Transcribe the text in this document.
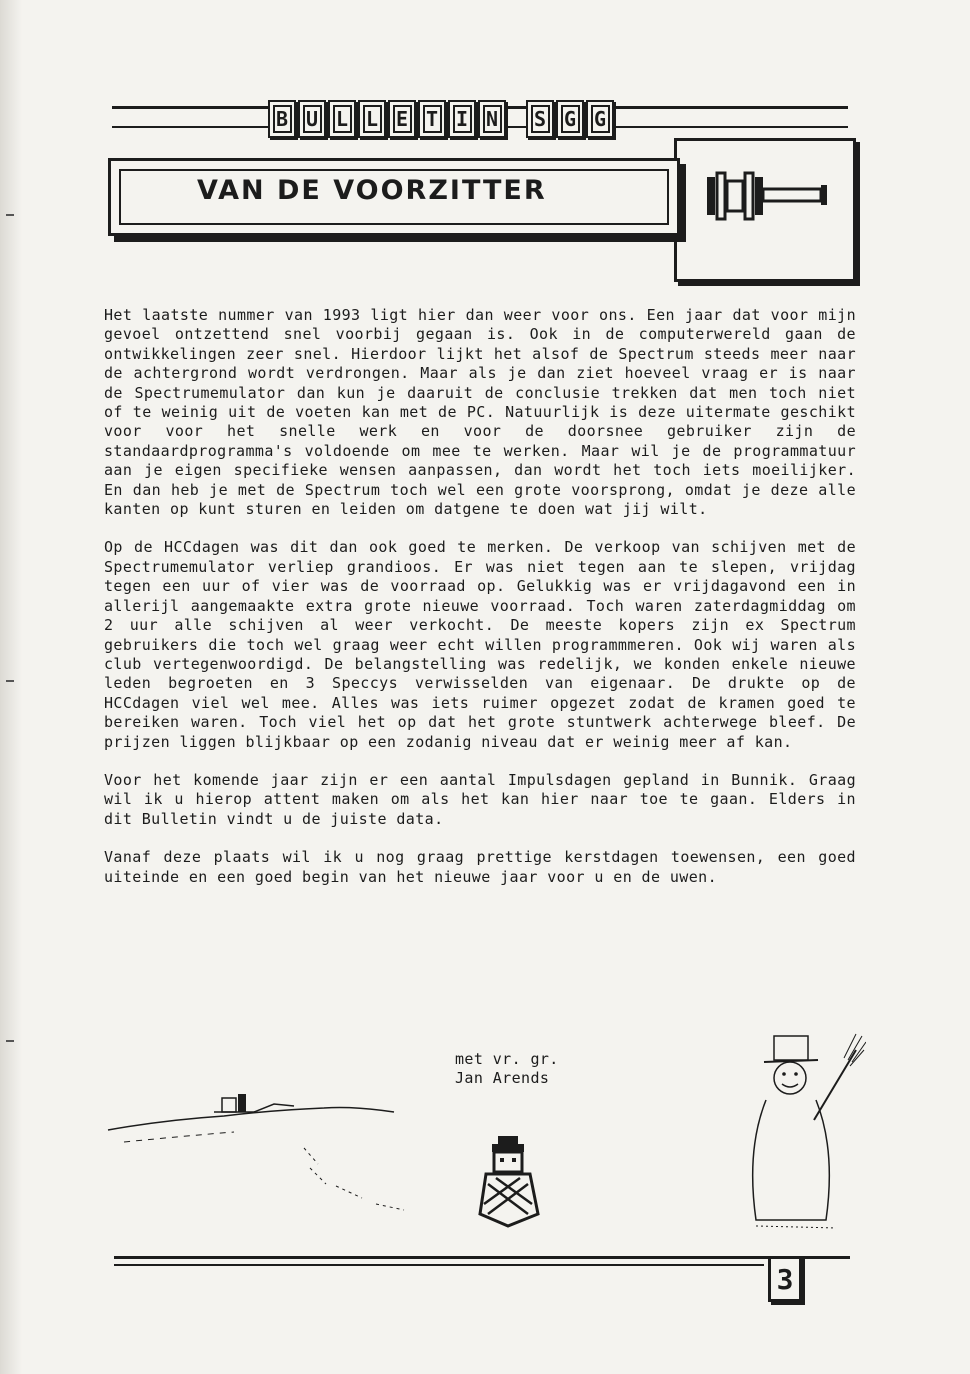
B U L L E T I N S G G
VAN DE VOORZITTER

Het laatste nummer van 1993 ligt hier dan weer voor ons. Een jaar dat voor mijn gevoel ontzettend snel voorbij gegaan is. Ook in de computerwereld gaan de ontwikkelingen zeer snel. Hierdoor lijkt het alsof de Spectrum steeds meer naar de achtergrond wordt verdrongen. Maar als je dan ziet hoeveel vraag er is naar de Spectrumemulator dan kun je daaruit de conclusie trekken dat men toch niet of te weinig uit de voeten kan met de PC. Natuurlijk is deze uitermate geschikt voor voor het snelle werk en voor de doorsnee gebruiker zijn de standaardprogramma's voldoende om mee te werken. Maar wil je de programmatuur aan je eigen specifieke wensen aanpassen, dan wordt het toch iets moeilijker. En dan heb je met de Spectrum toch wel een grote voorsprong, omdat je deze alle kanten op kunt sturen en leiden om datgene te doen wat jij wilt.

Op de HCCdagen was dit dan ook goed te merken. De verkoop van schijven met de Spectrumemulator verliep grandioos. Er was niet tegen aan te slepen, vrijdag tegen een uur of vier was de voorraad op. Gelukkig was er vrijdagavond een in allerijl aangemaakte extra grote nieuwe voorraad. Toch waren zaterdagmiddag om 2 uur alle schijven al weer verkocht. De meeste kopers zijn ex Spectrum gebruikers die toch wel graag weer echt willen programmmeren. Ook wij waren als club vertegenwoordigd. De belangstelling was redelijk, we konden enkele nieuwe leden begroeten en 3 Speccys verwisselden van eigenaar. De drukte op de HCCdagen viel wel mee. Alles was iets ruimer opgezet zodat de kramen goed te bereiken waren. Toch viel het op dat het grote stuntwerk achterwege bleef. De prijzen liggen blijkbaar op een zodanig niveau dat er weinig meer af kan.

Voor het komende jaar zijn er een aantal Impulsdagen gepland in Bunnik. Graag wil ik u hierop attent maken om als het kan hier naar toe te gaan. Elders in dit Bulletin vindt u de juiste data.

Vanaf deze plaats wil ik u nog graag prettige kerstdagen toewensen, een goed uiteinde en een goed begin van het nieuwe jaar voor u en de uwen.

met vr. gr.
Jan Arends
3
